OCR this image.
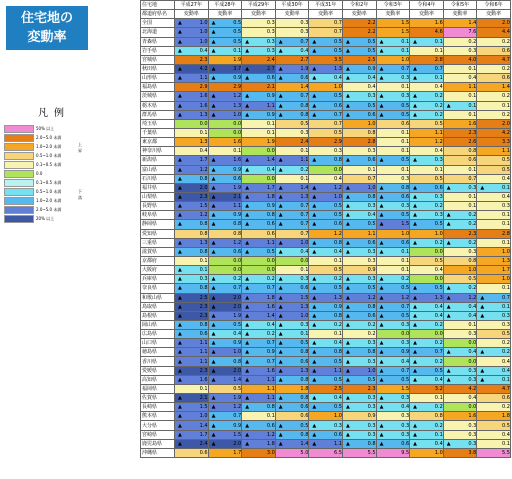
住宅地の
変動率
凡例
50% 以上
2.0~5.0 未満
1.0~2.0 未満
0.5~1.0 未満
0.1~0.5 未満
0.0
0.1~0.5 未満
0.5~1.0 未満
1.0~2.0 未満
2.0~5.0 未満
20% 以上
上昇
下落
住宅地	平成27年	平成28年	平成29年	平成30年	平成31年	令和2年	令和3年	令和4年	令和5年	令和6年
都道府県名	変動率	変動率	変動率	変動率	変動率	変動率	変動率	変動率	変動率	変動率
全国	▲ 1.0	▲ 0.5	0.3	0.3	0.7	2.2	1.5	1.6	1.4	2.0
北海道	▲ 1.0	▲ 0.5	0.3	0.3	0.7	2.2	1.5	4.6	7.6	4.4
青森県	▲ 1.0	▲ 0.5	▲ 0.3	▲ 0.7	▲ 0.5	▲ 0.5	▲ 0.1	▲ 0.1	0.2	0.2
岩手県	▲ 0.4	▲ 0.1	▲ 0.3	▲ 0.4	▲ 0.5	▲ 0.5	▲ 0.1	0.1	0.3	0.6
宮城県	2.3	1.9	2.4	2.7	3.5	2.5	1.0	2.8	4.0	4.7
秋田県	▲ 4.2	▲ 3.7	▲ 2.7	▲ 1.9	▲ 1.3	▲ 0.9	▲ 0.7	▲ 0.7	0.1	0.2
山形県	▲ 1.1	▲ 0.9	▲ 0.6	▲ 0.6	▲ 0.4	▲ 0.4	▲ 0.3	▲ 0.1	0.4	0.6
福島県	2.9	2.9	2.1	1.4	1.0	0.4	0.1	0.4	1.1	1.4
茨城県	▲ 1.6	▲ 1.2	▲ 0.9	▲ 0.7	▲ 0.5	▲ 0.3	▲ 0.3	▲ 0.2	0.1	0.2
栃木県	▲ 1.6	▲ 1.3	▲ 1.1	▲ 0.8	▲ 0.6	▲ 0.5	▲ 0.5	▲ 0.2	▲ 0.1	0.1
群馬県	▲ 1.3	▲ 1.0	▲ 0.9	▲ 0.8	▲ 0.7	▲ 0.6	▲ 0.5	▲ 0.2	0.1	0.2
埼玉県	0.0	0.0	0.1	0.5	0.7	1.0	0.6	0.5	1.6	2.0
千葉県	0.1	0.0	0.1	0.3	0.5	0.8	0.1	1.1	2.3	4.2
東京都	1.3	1.6	1.9	2.4	2.9	2.8	0.1	1.2	2.6	3.3
神奈川県	0.4	0.1	0.0	0.1	0.3	0.3	0.1	0.4	0.8	1.1
新潟県	▲ 1.7	▲ 1.6	▲ 1.4	▲ 1.1	▲ 0.8	▲ 0.6	▲ 0.5	▲ 0.3	0.6	0.5
富山県	▲ 1.2	▲ 0.9	▲ 0.4	▲ 0.2	0.0	0.1	0.1	0.1	0.1	0.5
石川県	▲ 0.8	▲ 0.6	0.0	0.1	0.4	0.7	0.3	0.5	0.7	0.4
福井県	▲ 2.0	▲ 1.9	▲ 1.7	▲ 1.4	▲ 1.2	▲ 1.0	▲ 0.8	▲ 0.6	▲ 0.3	▲ 0.1
山梨県	▲ 2.3	▲ 2.1	▲ 1.8	▲ 1.3	▲ 1.0	▲ 0.8	▲ 0.6	▲ 0.3	0.1	0.4
長野県	▲ 1.5	▲ 1.1	▲ 0.9	▲ 0.7	▲ 0.5	▲ 0.3	▲ 0.3	▲ 0.2	0.1	0.3
岐阜県	▲ 1.2	▲ 0.9	▲ 0.8	▲ 0.7	▲ 0.5	▲ 0.4	▲ 0.5	▲ 0.3	▲ 0.2	0.1
静岡県	▲ 0.8	▲ 0.8	▲ 0.6	▲ 0.7	▲ 0.6	▲ 0.5	▲ 1.5	▲ 0.5	▲ 0.2	0.1
愛知県	0.8	0.8	0.6	0.7	1.2	1.1	1.0	1.0	2.3	2.8
三重県	▲ 1.3	▲ 1.2	▲ 1.1	▲ 1.0	▲ 0.8	▲ 0.6	▲ 0.6	▲ 0.2	▲ 0.2	0.1
滋賀県	▲ 0.8	▲ 0.6	▲ 0.5	▲ 0.4	▲ 0.4	▲ 0.3	▲ 0.1	0.0	0.3	1.0
京都府	0.1	0.0	0.0	0.0	0.1	0.3	0.1	0.5	0.8	1.3
大阪府	▲ 0.1	0.0	0.0	0.1	0.5	0.9	0.1	0.4	1.0	1.7
兵庫県	▲ 0.3	▲ 0.2	▲ 0.2	▲ 0.3	▲ 0.2	▲ 0.3	▲ 0.2	0.0	0.5	1.0
奈良県	▲ 0.8	▲ 0.7	▲ 0.7	▲ 0.6	▲ 0.5	▲ 0.5	▲ 0.5	▲ 0.5	▲ 0.2	0.1
和歌山県	▲ 2.5	▲ 2.0	▲ 1.8	▲ 1.5	▲ 1.3	▲ 1.2	▲ 1.2	▲ 1.3	▲ 1.2	▲ 0.7
鳥取県	▲ 2.3	▲ 2.0	▲ 1.6	▲ 1.3	▲ 0.9	▲ 0.8	▲ 0.7	▲ 0.4	▲ 0.4	▲ 0.1
島根県	▲ 2.3	▲ 1.9	▲ 1.4	▲ 1.0	▲ 0.8	▲ 0.6	▲ 0.5	▲ 0.4	▲ 0.4	▲ 0.3
岡山県	▲ 0.8	▲ 0.5	▲ 0.4	▲ 0.3	▲ 0.2	▲ 0.2	▲ 0.3	▲ 0.2	0.1	0.3
広島県	▲ 0.6	▲ 0.4	▲ 0.2	▲ 0.1	0.1	0.2	0.0	0.0	0.3	0.5
山口県	▲ 1.1	▲ 0.9	▲ 0.7	▲ 0.5	▲ 0.4	▲ 0.3	▲ 0.3	▲ 0.2	0.0	0.2
徳島県	▲ 1.1	▲ 1.0	▲ 0.9	▲ 0.8	▲ 0.8	▲ 0.8	▲ 0.9	▲ 0.7	▲ 0.4	▲ 0.2
香川県	▲ 1.1	▲ 0.8	▲ 0.7	▲ 0.6	▲ 0.5	▲ 0.3	▲ 0.4	▲ 0.2	0.0	0.4
愛媛県	▲ 2.3	▲ 2.0	▲ 1.6	▲ 1.3	▲ 1.1	▲ 1.0	▲ 0.7	▲ 0.5	▲ 0.3	▲ 0.4
高知県	▲ 1.6	▲ 1.4	▲ 1.1	▲ 0.8	▲ 0.5	▲ 0.5	▲ 0.5	▲ 0.4	▲ 0.3	▲ 0.1
福岡県	0.1	0.5	1.1	1.8	2.5	2.3	1.5	3.2	4.2	4.7
佐賀県	▲ 2.1	▲ 1.9	▲ 1.1	▲ 0.8	▲ 0.4	▲ 0.3	▲ 0.3	0.1	0.4	0.6
長崎県	▲ 1.5	▲ 1.2	▲ 0.8	▲ 0.6	▲ 0.5	▲ 0.3	▲ 0.4	▲ 0.2	0.0	0.2
熊本県	▲ 1.0	▲ 0.7	0.1	0.6	1.0	0.9	0.3	0.8	1.6	1.8
大分県	▲ 1.4	▲ 0.9	▲ 0.6	▲ 0.5	▲ 0.3	▲ 0.3	▲ 0.3	▲ 0.2	0.3	0.5
宮崎県	▲ 1.7	▲ 1.5	▲ 1.2	▲ 0.8	▲ 0.6	▲ 0.3	▲ 0.3	▲ 0.1	0.3	0.4
鹿児島県	▲ 2.4	▲ 2.0	▲ 1.8	▲ 1.4	▲ 1.1	▲ 0.8	▲ 0.6	▲ 0.4	▲ 0.3	0.1
沖縄県	0.6	1.7	3.0	5.0	6.5	5.5	9.5	1.0	3.8	5.5
